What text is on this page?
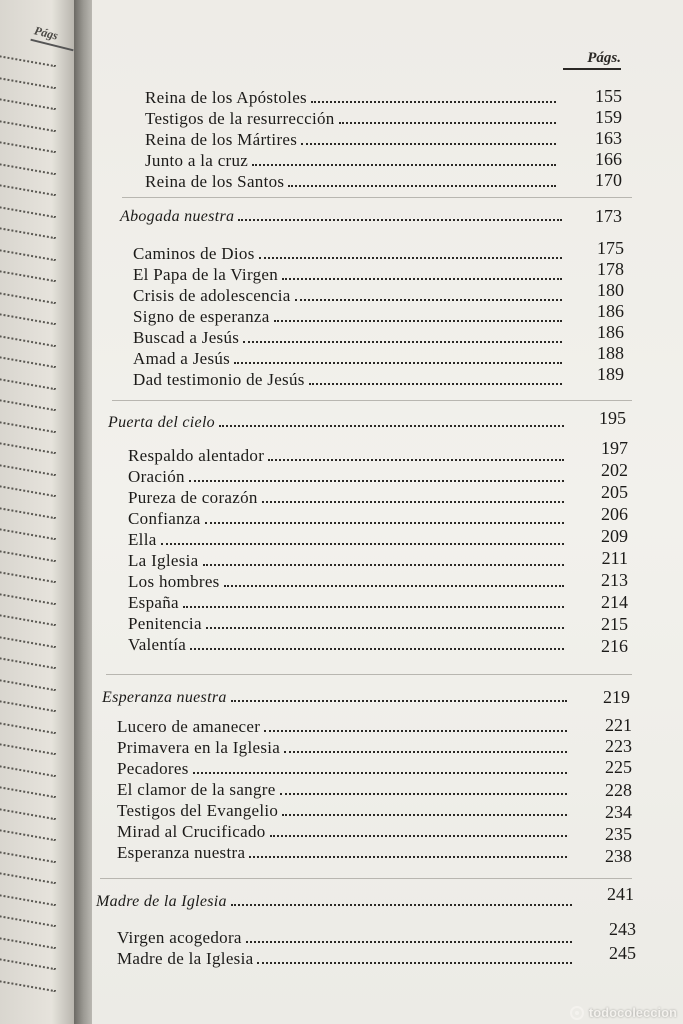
Págs
Págs.
Reina de los Apóstoles
Testigos de la resurrección
Reina de los Mártires
Junto a la cruz
Reina de los Santos
Abogada nuestra
Caminos de Dios
El Papa de la Virgen
Crisis de adolescencia
Signo de esperanza
Buscad a Jesús
Amad a Jesús
Dad testimonio de Jesús
Puerta del cielo
Respaldo alentador
Oración
Pureza de corazón
Confianza
Ella
La Iglesia
Los hombres
España
Penitencia
Valentía
Esperanza nuestra
Lucero de amanecer
Primavera en la Iglesia
Pecadores
El clamor de la sangre
Testigos del Evangelio
Mirad al Crucificado
Esperanza nuestra
Madre de la Iglesia
Virgen acogedora
Madre de la Iglesia
155
159
163
166
170
173
175
178
180
186
186
188
189
195
197
202
205
206
209
211
213
214
215
216
219
221
223
225
228
234
235
238
241
243
245
todocoleccion
